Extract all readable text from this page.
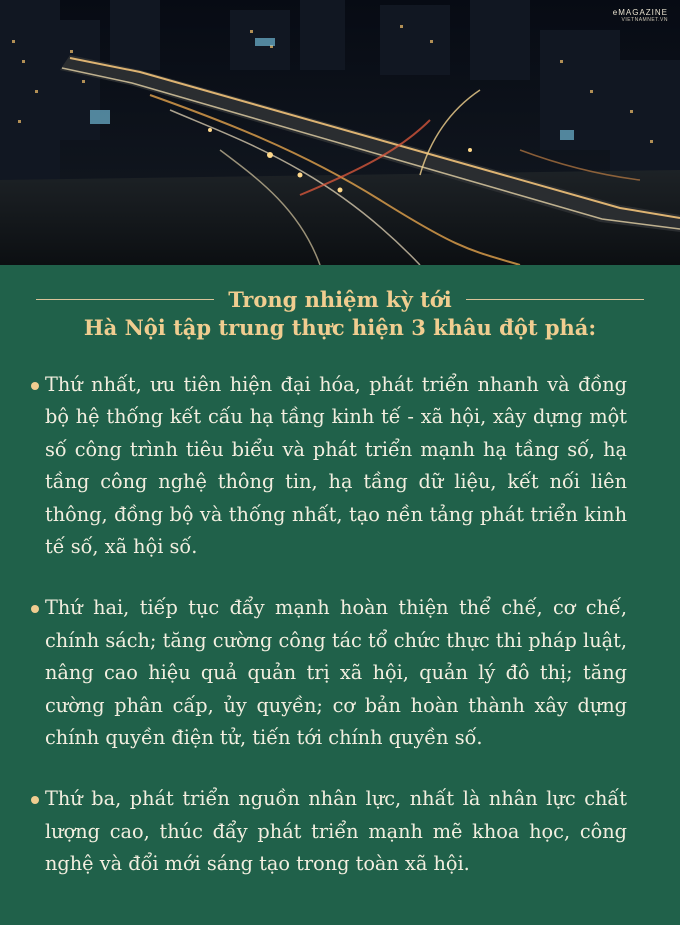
eMAGAZINE
VIETNAMNET.VN
Trong nhiệm kỳ tới
Hà Nội tập trung thực hiện 3 khâu đột phá:
Thứ nhất, ưu tiên hiện đại hóa, phát triển nhanh và đồng bộ hệ thống kết cấu hạ tầng kinh tế - xã hội, xây dựng một số công trình tiêu biểu và phát triển mạnh hạ tầng số, hạ tầng công nghệ thông tin, hạ tầng dữ liệu, kết nối liên thông, đồng bộ và thống nhất, tạo nền tảng phát triển kinh tế số, xã hội số.
Thứ hai, tiếp tục đẩy mạnh hoàn thiện thể chế, cơ chế, chính sách; tăng cường công tác tổ chức thực thi pháp luật, nâng cao hiệu quả quản trị xã hội, quản lý đô thị; tăng cường phân cấp, ủy quyền; cơ bản hoàn thành xây dựng chính quyền điện tử, tiến tới chính quyền số.
Thứ ba, phát triển nguồn nhân lực, nhất là nhân lực chất lượng cao, thúc đẩy phát triển mạnh mẽ khoa học, công nghệ và đổi mới sáng tạo trong toàn xã hội.
